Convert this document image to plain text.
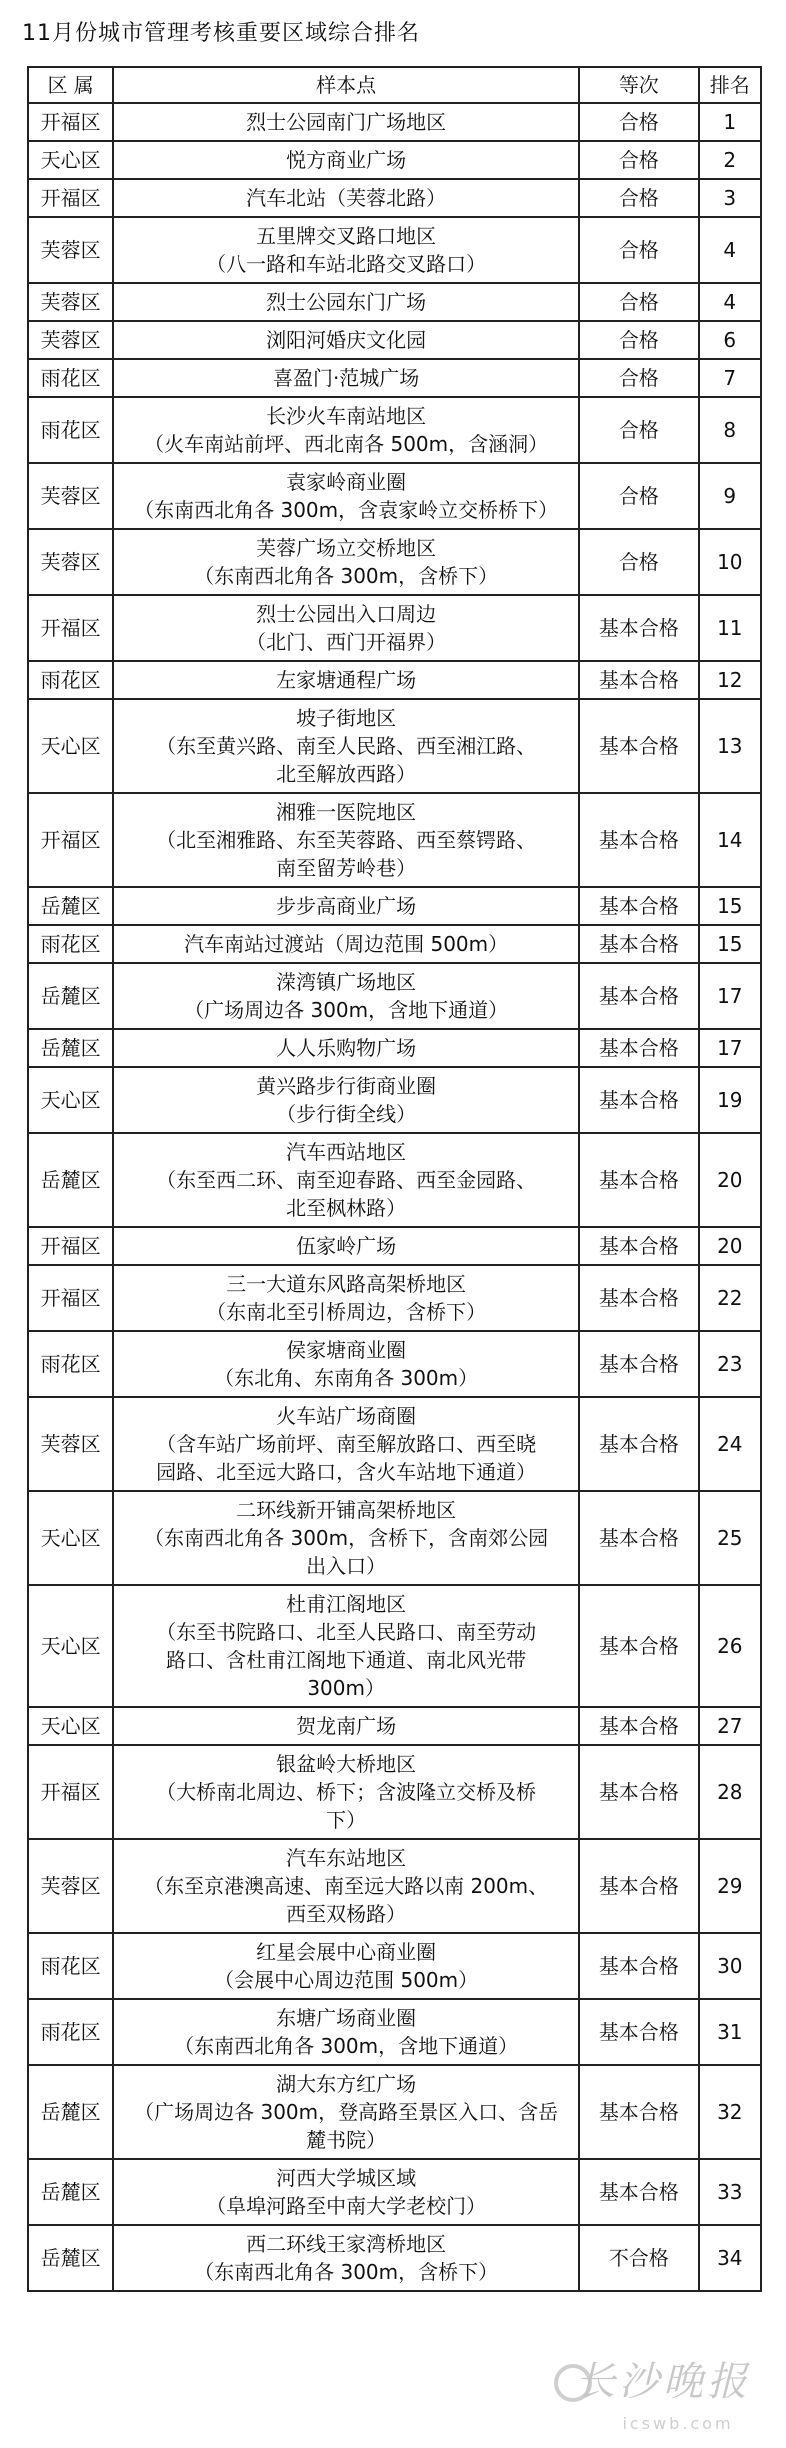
11月份城市管理考核重要区域综合排名
区 属	样本点	等次	排名
开福区	烈士公园南门广场地区	合格	1
天心区	悦方商业广场	合格	2
开福区	汽车北站（芙蓉北路）	合格	3
芙蓉区	五里牌交叉路口地区
（八一路和车站北路交叉路口）	合格	4
芙蓉区	烈士公园东门广场	合格	4
芙蓉区	浏阳河婚庆文化园	合格	6
雨花区	喜盈门·范城广场	合格	7
雨花区	长沙火车南站地区
（火车南站前坪、西北南各 500m，含涵洞）	合格	8
芙蓉区	袁家岭商业圈
（东南西北角各 300m，含袁家岭立交桥桥下）	合格	9
芙蓉区	芙蓉广场立交桥地区
（东南西北角各 300m，含桥下）	合格	10
开福区	烈士公园出入口周边
（北门、西门开福界）	基本合格	11
雨花区	左家塘通程广场	基本合格	12
天心区	坡子街地区
（东至黄兴路、南至人民路、西至湘江路、
北至解放西路）	基本合格	13
开福区	湘雅一医院地区
（北至湘雅路、东至芙蓉路、西至蔡锷路、
南至留芳岭巷）	基本合格	14
岳麓区	步步高商业广场	基本合格	15
雨花区	汽车南站过渡站（周边范围 500m）	基本合格	15
岳麓区	溁湾镇广场地区
（广场周边各 300m，含地下通道）	基本合格	17
岳麓区	人人乐购物广场	基本合格	17
天心区	黄兴路步行街商业圈
（步行街全线）	基本合格	19
岳麓区	汽车西站地区
（东至西二环、南至迎春路、西至金园路、
北至枫林路）	基本合格	20
开福区	伍家岭广场	基本合格	20
开福区	三一大道东风路高架桥地区
（东南北至引桥周边，含桥下）	基本合格	22
雨花区	侯家塘商业圈
（东北角、东南角各 300m）	基本合格	23
芙蓉区	火车站广场商圈
（含车站广场前坪、南至解放路口、西至晓
园路、北至远大路口，含火车站地下通道）	基本合格	24
天心区	二环线新开铺高架桥地区
（东南西北角各 300m，含桥下，含南郊公园
出入口）	基本合格	25
天心区	杜甫江阁地区
（东至书院路口、北至人民路口、南至劳动
路口、含杜甫江阁地下通道、南北风光带
300m）	基本合格	26
天心区	贺龙南广场	基本合格	27
开福区	银盆岭大桥地区
（大桥南北周边、桥下；含波隆立交桥及桥
下）	基本合格	28
芙蓉区	汽车东站地区
（东至京港澳高速、南至远大路以南 200m、
西至双杨路）	基本合格	29
雨花区	红星会展中心商业圈
（会展中心周边范围 500m）	基本合格	30
雨花区	东塘广场商业圈
（东南西北角各 300m，含地下通道）	基本合格	31
岳麓区	湖大东方红广场
（广场周边各 300m，登高路至景区入口、含岳
麓书院）	基本合格	32
岳麓区	河西大学城区域
（阜埠河路至中南大学老校门）	基本合格	33
岳麓区	西二环线王家湾桥地区
（东南西北角各 300m，含桥下）	不合格	34
长沙晚报
icswb.com
